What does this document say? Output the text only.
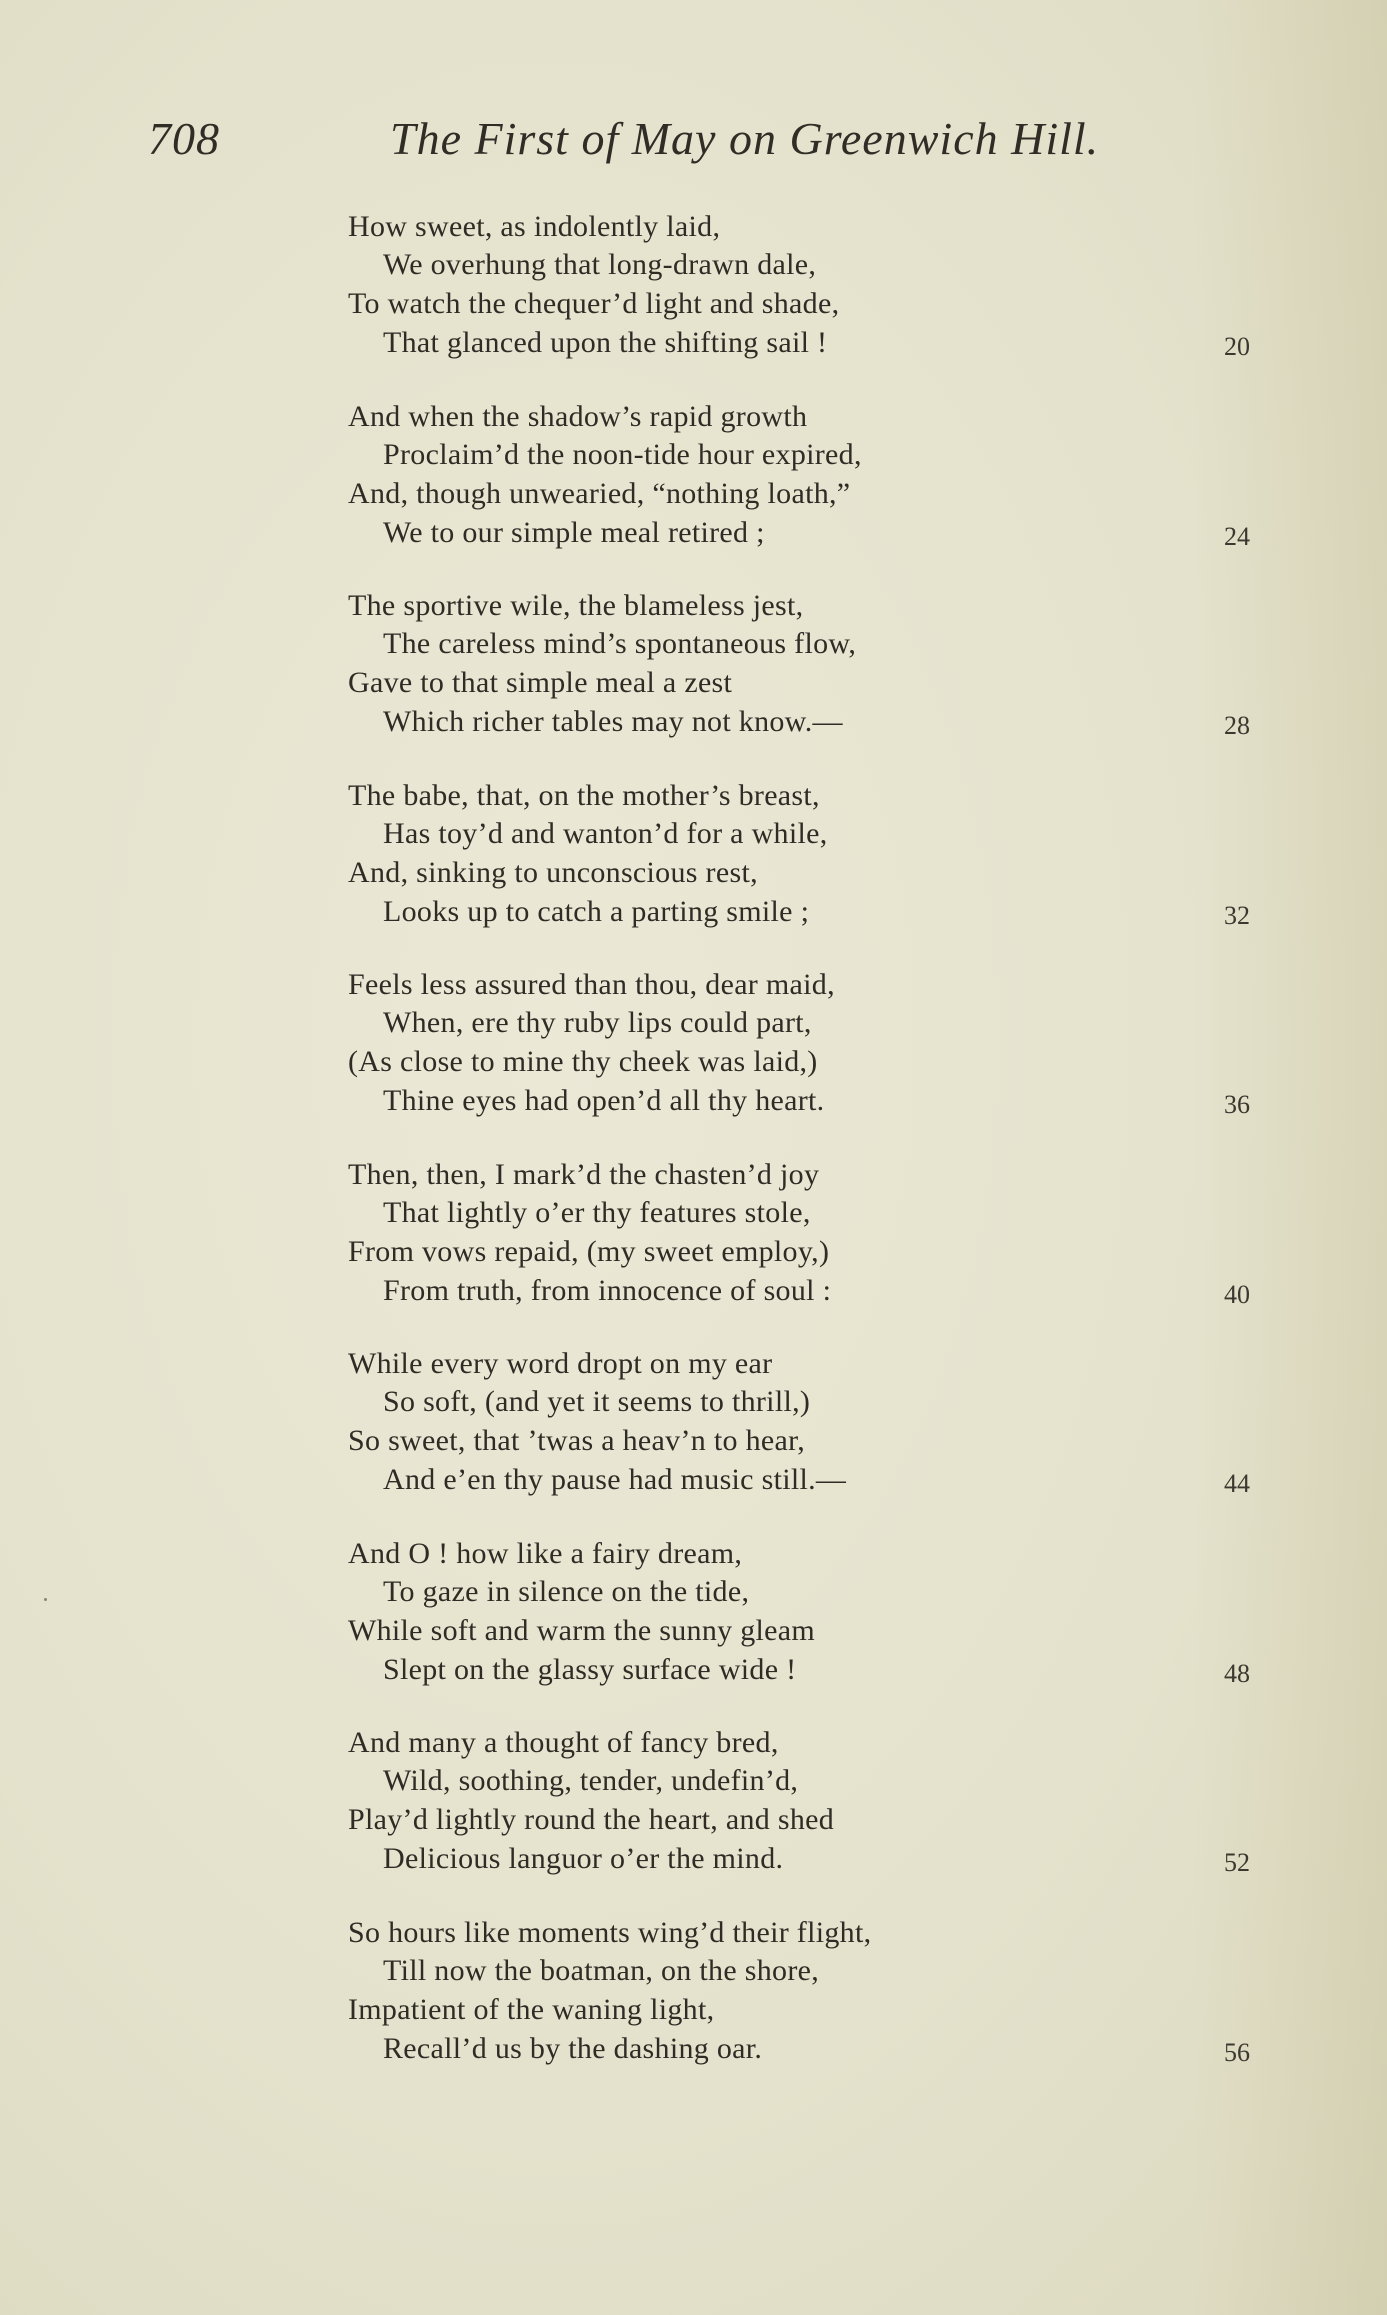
708	The First of May on Greenwich Hill.
How sweet, as indolently laid,
We overhung that long-drawn dale,
To watch the chequer’d light and shade,
That glanced upon the shifting sail !	20
And when the shadow’s rapid growth
Proclaim’d the noon-tide hour expired,
And, though unwearied, “nothing loath,”
We to our simple meal retired ;	24
The sportive wile, the blameless jest,
The careless mind’s spontaneous flow,
Gave to that simple meal a zest
Which richer tables may not know.—	28
The babe, that, on the mother’s breast,
Has toy’d and wanton’d for a while,
And, sinking to unconscious rest,
Looks up to catch a parting smile ;	32
Feels less assured than thou, dear maid,
When, ere thy ruby lips could part,
(As close to mine thy cheek was laid,)
Thine eyes had open’d all thy heart.	36
Then, then, I mark’d the chasten’d joy
That lightly o’er thy features stole,
From vows repaid, (my sweet employ,)
From truth, from innocence of soul :	40
While every word dropt on my ear
So soft, (and yet it seems to thrill,)
So sweet, that ’twas a heav’n to hear,
And e’en thy pause had music still.—	44
And O ! how like a fairy dream,
To gaze in silence on the tide,
While soft and warm the sunny gleam
Slept on the glassy surface wide !	48
And many a thought of fancy bred,
Wild, soothing, tender, undefin’d,
Play’d lightly round the heart, and shed
Delicious languor o’er the mind.	52
So hours like moments wing’d their flight,
Till now the boatman, on the shore,
Impatient of the waning light,
Recall’d us by the dashing oar.	56
